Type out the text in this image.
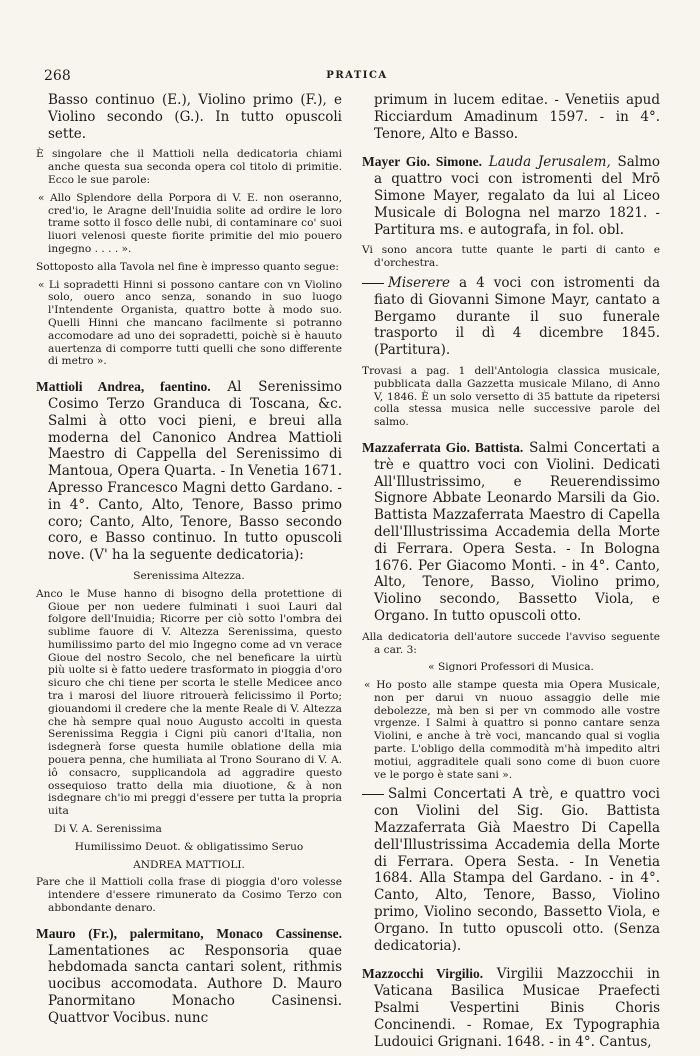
268	PRATICA

Basso continuo (E.), Violino primo (F.), e Violino secondo (G.). In tutto opuscoli sette.

È singolare che il Mattioli nella dedicatoria chiami anche questa sua seconda opera col titolo di primitie. Ecco le sue parole:

« Allo Splendore della Porpora di V. E. non oseranno, cred'io, le Aragne dell'Inuidia solite ad ordire le loro trame sotto il fosco delle nubi, di contaminare co' suoi liuori velenosi queste fiorite primitie del mio pouero ingegno . . . . ».

Sottoposto alla Tavola nel fine è impresso quanto segue:

« Li sopradetti Hinni si possono cantare con vn Violino solo, ouero anco senza, sonando in suo luogo l'Intendente Organista, quattro botte à modo suo. Quelli Hinni che mancano facilmente si potranno accomodare ad uno dei sopradetti, poichè si è hauuto auertenza di comporre tutti quelli che sono differente di metro ».

Mattioli Andrea, faentino. Al Serenissimo Cosimo Terzo Granduca di Toscana, &c. Salmi à otto voci pieni, e breui alla moderna del Canonico Andrea Mattioli Maestro di Cappella del Serenissimo di Mantoua, Opera Quarta. - In Venetia 1671. Apresso Francesco Magni detto Gardano. - in 4°. Canto, Alto, Tenore, Basso primo coro; Canto, Alto, Tenore, Basso secondo coro, e Basso continuo. In tutto opuscoli nove. (V' ha la seguente dedicatoria):

Serenissima Altezza.

Anco le Muse hanno di bisogno della protettione di Gioue per non uedere fulminati i suoi Lauri dal folgore dell'Inuidia; Ricorre per ciò sotto l'ombra dei sublime fauore di V. Altezza Serenissima, questo humilissimo parto del mio Ingegno come ad vn verace Gioue del nostro Secolo, che nel beneficare la uirtù più uolte si è fatto uedere trasformato in pioggia d'oro sicuro che chi tiene per scorta le stelle Medicee anco tra i marosi del liuore ritrouerà felicissimo il Porto; giouandomi il credere che la mente Reale di V. Altezza che hà sempre qual nouo Augusto accolti in questa Serenissima Reggia i Cigni più canori d'Italia, non isdegnerà forse questa humile oblatione della mia pouera penna, che humiliata al Trono Sourano di V. A. iô consacro, supplicandola ad aggradire questo ossequioso tratto della mia diuotione, & à non isdegnare ch'io mi preggi d'essere per tutta la propria uita

Di V. A. Serenissima

Humilissimo Deuot. & obligatissimo Seruo

ANDREA MATTIOLI.

Pare che il Mattioli colla frase di pioggia d'oro volesse intendere d'essere rimunerato da Cosimo Terzo con abbondante denaro.

Mauro (Fr.), palermitano, Monaco Cassinense. Lamentationes ac Responsoria quae hebdomada sancta cantari solent, rithmis uocibus accomodata. Authore D. Mauro Panormitano Monacho Casinensi. Quattvor Vocibus. nunc

primum in lucem editae. - Venetiis apud Ricciardum Amadinum 1597. - in 4°. Tenore, Alto e Basso.

Mayer Gio. Simone. Lauda Jerusalem, Salmo a quattro voci con istromenti del Mrō Simone Mayer, regalato da lui al Liceo Musicale di Bologna nel marzo 1821. - Partitura ms. e autografa, in fol. obl.

Vi sono ancora tutte quante le parti di canto e d'orchestra.

Miserere a 4 voci con istromenti da fiato di Giovanni Simone Mayr, cantato a Bergamo durante il suo funerale trasporto il dì 4 dicembre 1845. (Partitura).

Trovasi a pag. 1 dell'Antologia classica musicale, pubblicata dalla Gazzetta musicale Milano, di Anno V, 1846. È un solo versetto di 35 battute da ripetersi colla stessa musica nelle successive parole del salmo.

Mazzaferrata Gio. Battista. Salmi Concertati a trè e quattro voci con Violini. Dedicati All'Illustrissimo, e Reuerendissimo Signore Abbate Leonardo Marsili da Gio. Battista Mazzaferrata Maestro di Capella dell'Illustrissima Accademia della Morte di Ferrara. Opera Sesta. - In Bologna 1676. Per Giacomo Monti. - in 4°. Canto, Alto, Tenore, Basso, Violino primo, Violino secondo, Bassetto Viola, e Organo. In tutto opuscoli otto.

Alla dedicatoria dell'autore succede l'avviso seguente a car. 3:

« Signori Professori di Musica.

« Ho posto alle stampe questa mia Opera Musicale, non per darui vn nuouo assaggio delle mie debolezze, mà ben si per vn commodo alle vostre vrgenze. I Salmi à quattro si ponno cantare senza Violini, e anche à trè voci, mancando qual si voglia parte. L'obligo della commodità m'hà impedito altri motiui, aggraditele quali sono come di buon cuore ve le porgo è state sani ».

Salmi Concertati A trè, e quattro voci con Violini del Sig. Gio. Battista Mazzaferrata Già Maestro Di Capella dell'Illustrissima Accademia della Morte di Ferrara. Opera Sesta. - In Venetia 1684. Alla Stampa del Gardano. - in 4°. Canto, Alto, Tenore, Basso, Violino primo, Violino secondo, Bassetto Viola, e Organo. In tutto opuscoli otto. (Senza dedicatoria).

Mazzocchi Virgilio. Virgilii Mazzocchii in Vaticana Basilica Musicae Praefecti Psalmi Vespertini Binis Choris Concinendi. - Romae, Ex Typographia Ludouici Grignani. 1648. - in 4°. Cantus,
